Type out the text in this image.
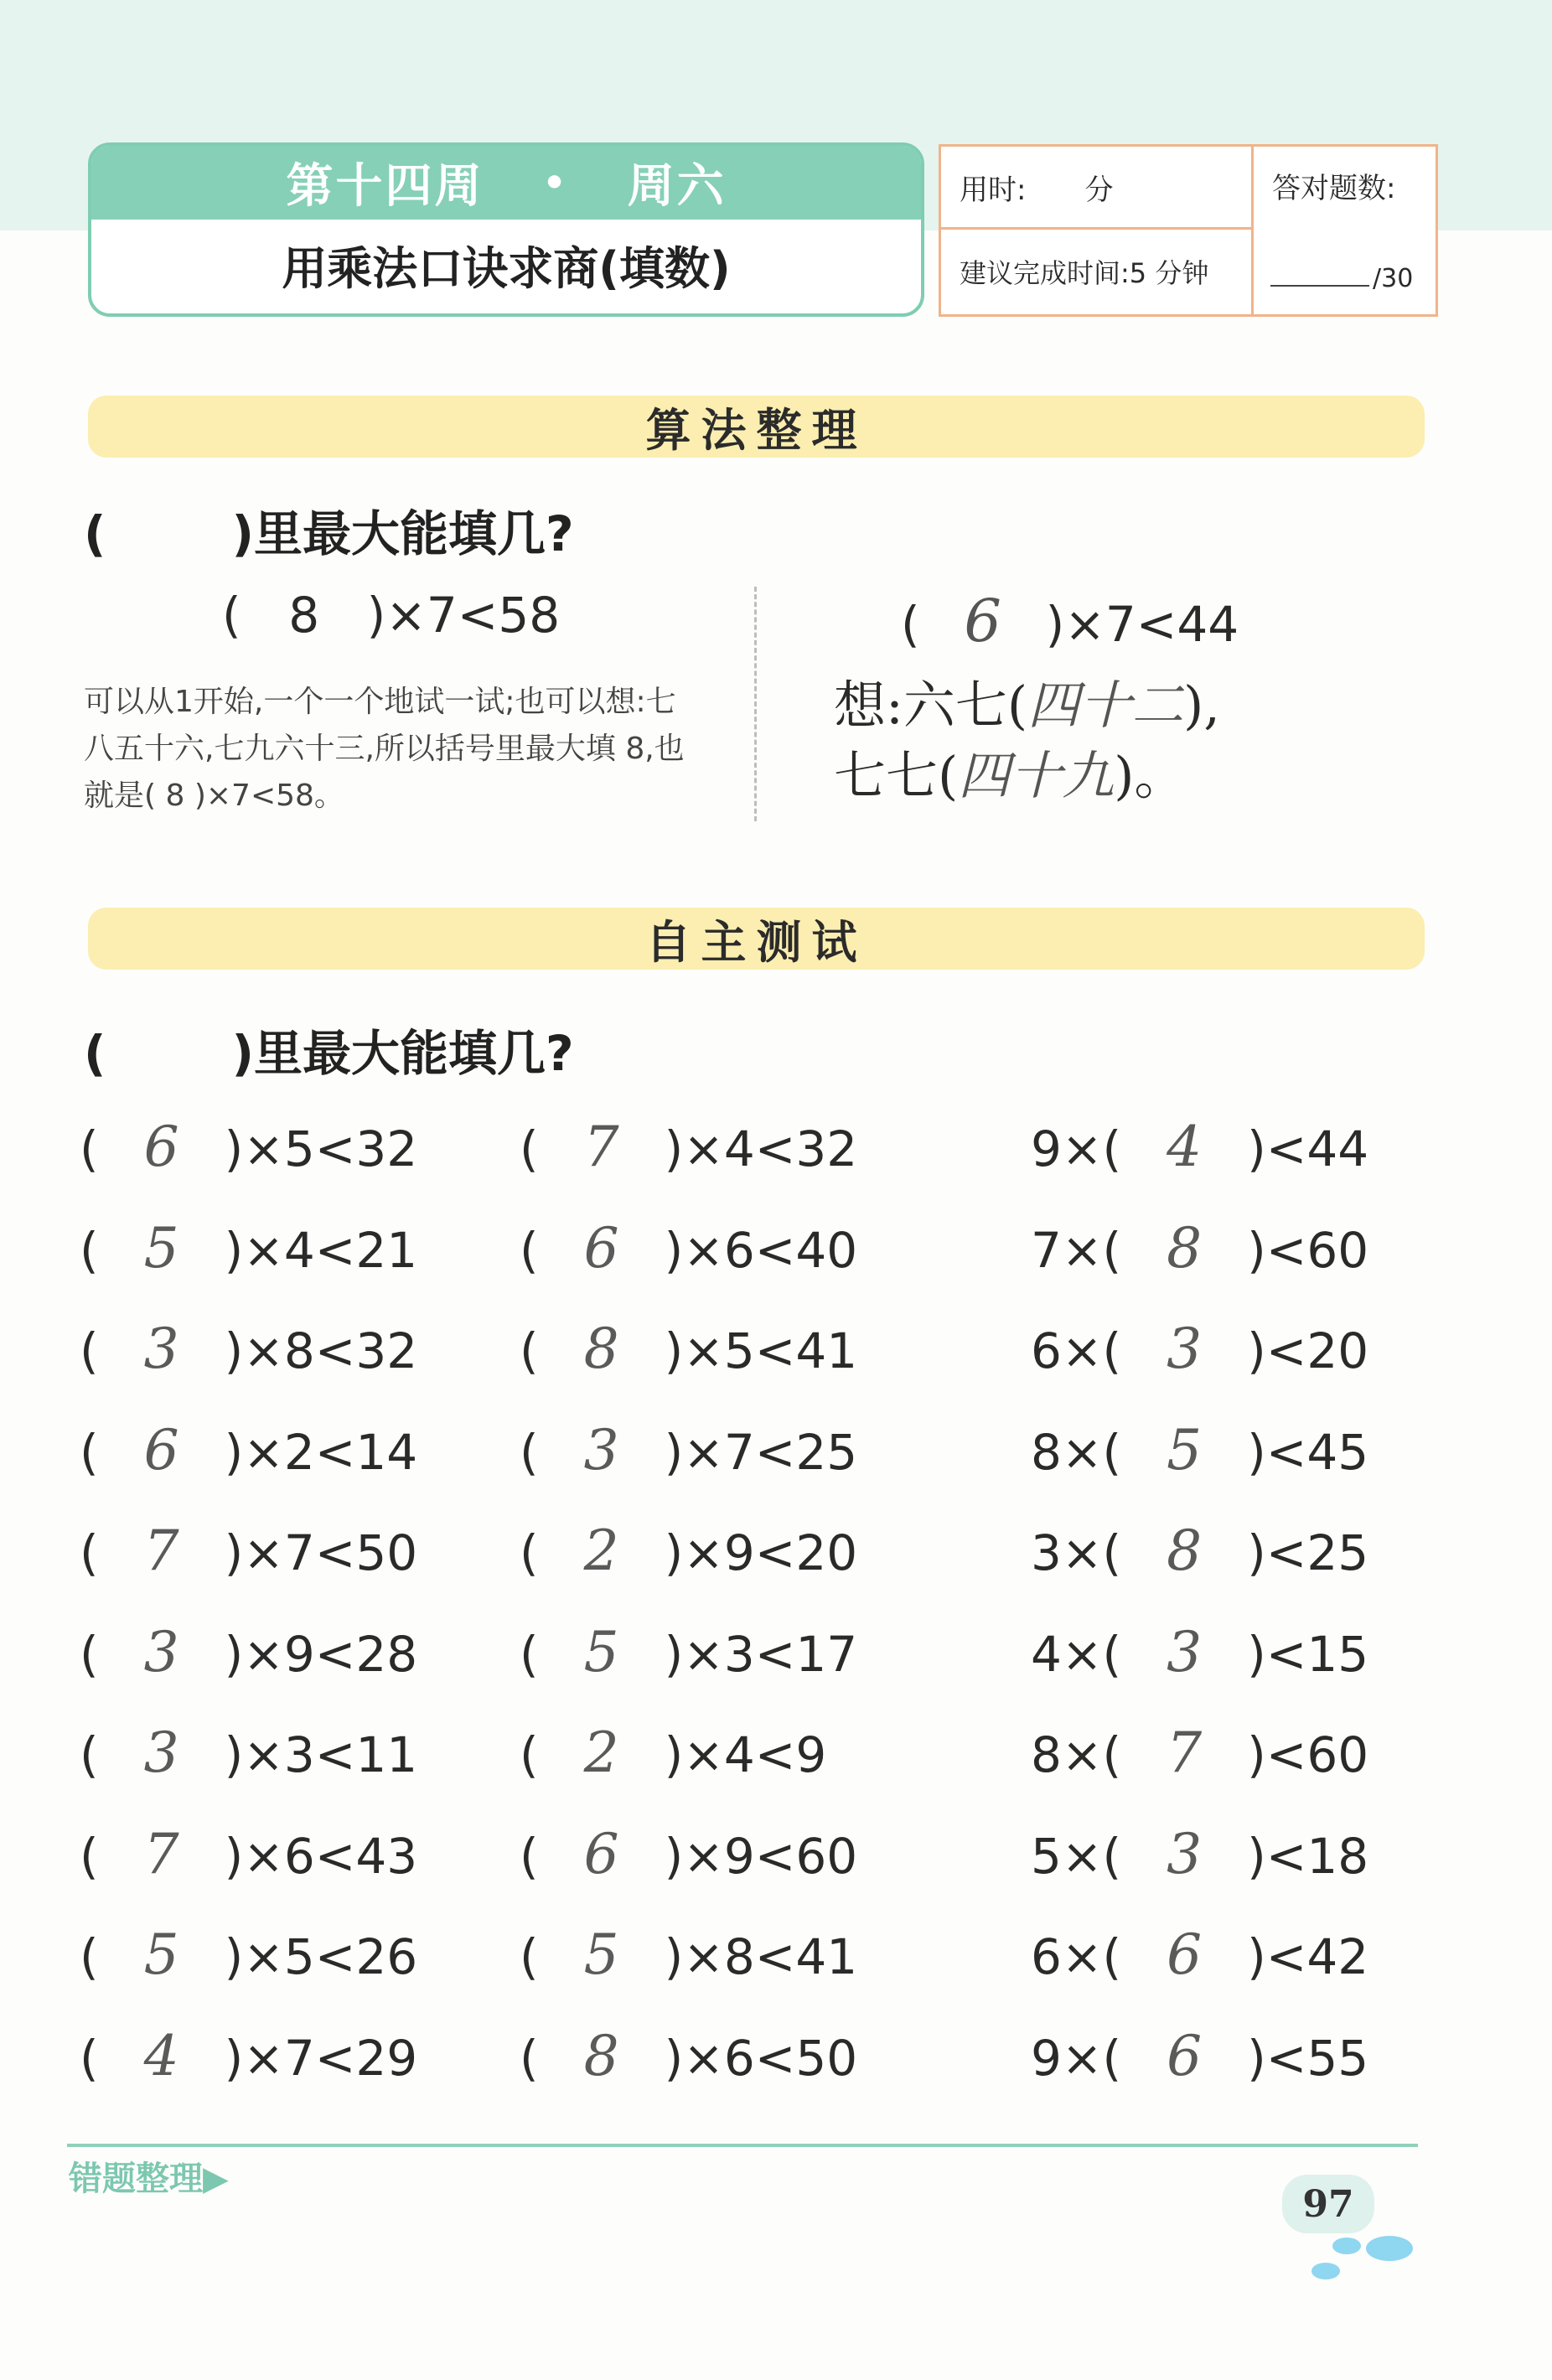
第十四周 • 周六
用乘法口诀求商(填数)
用时: 分
建议完成时间:5 分钟
答对题数:
/30
算法整理
(	)里最大能填几?
( 8 )×7<58
可以从1开始,一个一个地试一试;也可以想:七八五十六,七九六十三,所以括号里最大填 8,也就是( 8 )×7<58。
( 6 )×7<44
想:六七(四十二),
七七(四十九)。
自主测试
(	)里最大能填几?
( 6 )×5<32
( 5 )×4<21
( 3 )×8<32
( 6 )×2<14
( 7 )×7<50
( 3 )×9<28
( 3 )×3<11
( 7 )×6<43
( 5 )×5<26
( 4 )×7<29
( 7 )×4<32
( 6 )×6<40
( 8 )×5<41
( 3 )×7<25
( 2 )×9<20
( 5 )×3<17
( 2 )×4<9
( 6 )×9<60
( 5 )×8<41
( 8 )×6<50
9×( 4 )<44
7×( 8 )<60
6×( 3 )<20
8×( 5 )<45
3×( 8 )<25
4×( 3 )<15
8×( 7 )<60
5×( 3 )<18
6×( 6 )<42
9×( 6 )<55
错题整理▶
97
